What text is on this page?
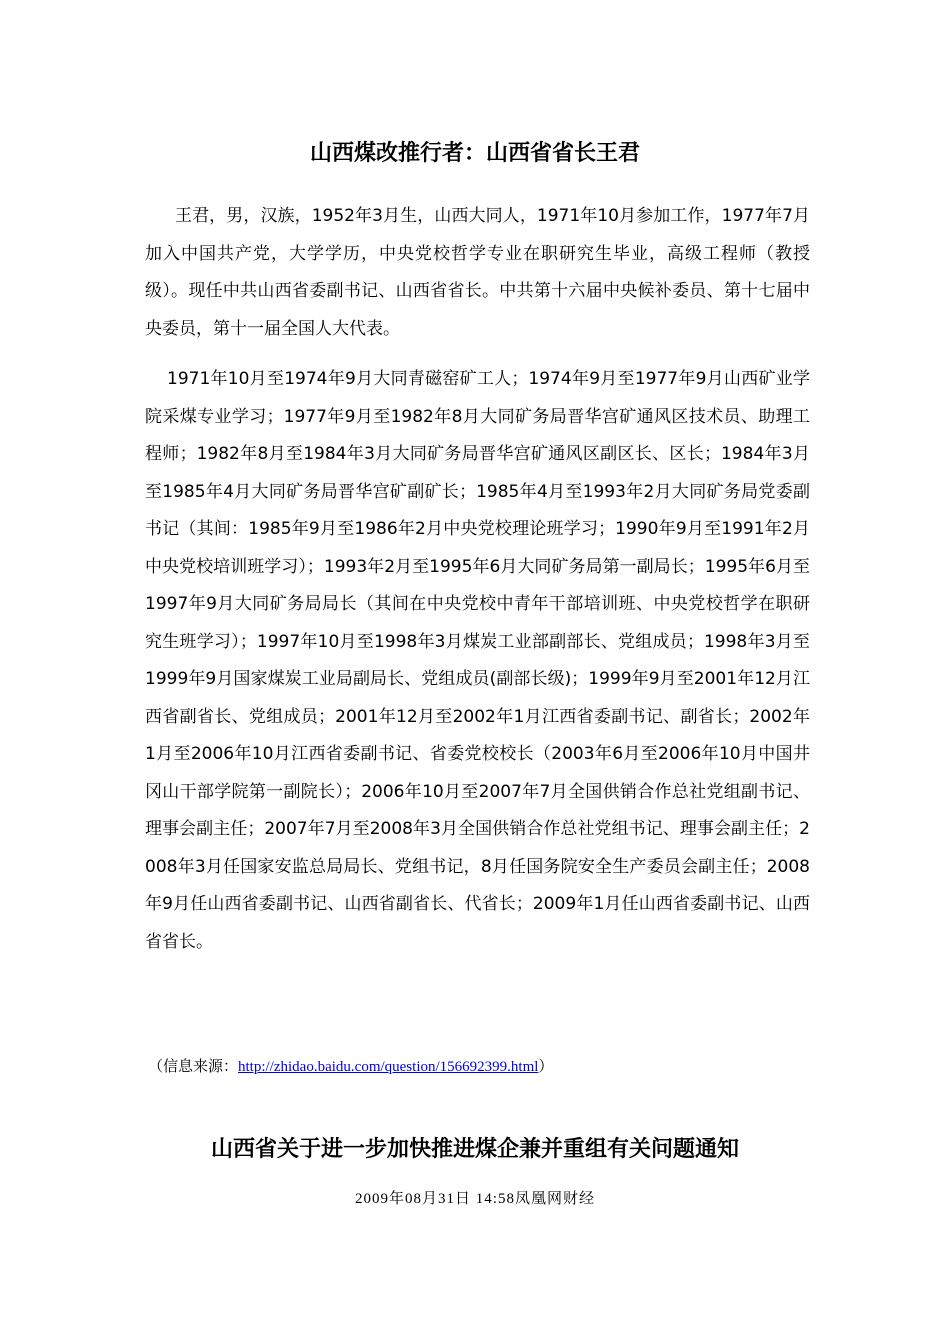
山西煤改推行者：山西省省长王君

王君，男，汉族，1952年3月生，山西大同人，1971年10月参加工作，1977年7月加入中国共产党，大学学历，中央党校哲学专业在职研究生毕业，高级工程师（教授级）。现任中共山西省委副书记、山西省省长。中共第十六届中央候补委员、第十七届中央委员，第十一届全国人大代表。

1971年10月至1974年9月大同青磁窑矿工人；1974年9月至1977年9月山西矿业学院采煤专业学习；1977年9月至1982年8月大同矿务局晋华宫矿通风区技术员、助理工程师；1982年8月至1984年3月大同矿务局晋华宫矿通风区副区长、区长；1984年3月至1985年4月大同矿务局晋华宫矿副矿长；1985年4月至1993年2月大同矿务局党委副书记（其间：1985年9月至1986年2月中央党校理论班学习；1990年9月至1991年2月中央党校培训班学习）；1993年2月至1995年6月大同矿务局第一副局长；1995年6月至1997年9月大同矿务局局长（其间在中央党校中青年干部培训班、中央党校哲学在职研究生班学习）；1997年10月至1998年3月煤炭工业部副部长、党组成员；1998年3月至1999年9月国家煤炭工业局副局长、党组成员(副部长级)；1999年9月至2001年12月江西省副省长、党组成员；2001年12月至2002年1月江西省委副书记、副省长；2002年1月至2006年10月江西省委副书记、省委党校校长（2003年6月至2006年10月中国井冈山干部学院第一副院长）；2006年10月至2007年7月全国供销合作总社党组副书记、理事会副主任；2007年7月至2008年3月全国供销合作总社党组书记、理事会副主任；2008年3月任国家安监总局局长、党组书记，8月任国务院安全生产委员会副主任；2008年9月任山西省委副书记、山西省副省长、代省长；2009年1月任山西省委副书记、山西省省长。

（信息来源：http://zhidao.baidu.com/question/156692399.html）

山西省关于进一步加快推进煤企兼并重组有关问题通知

2009年08月31日 14:58凤凰网财经
